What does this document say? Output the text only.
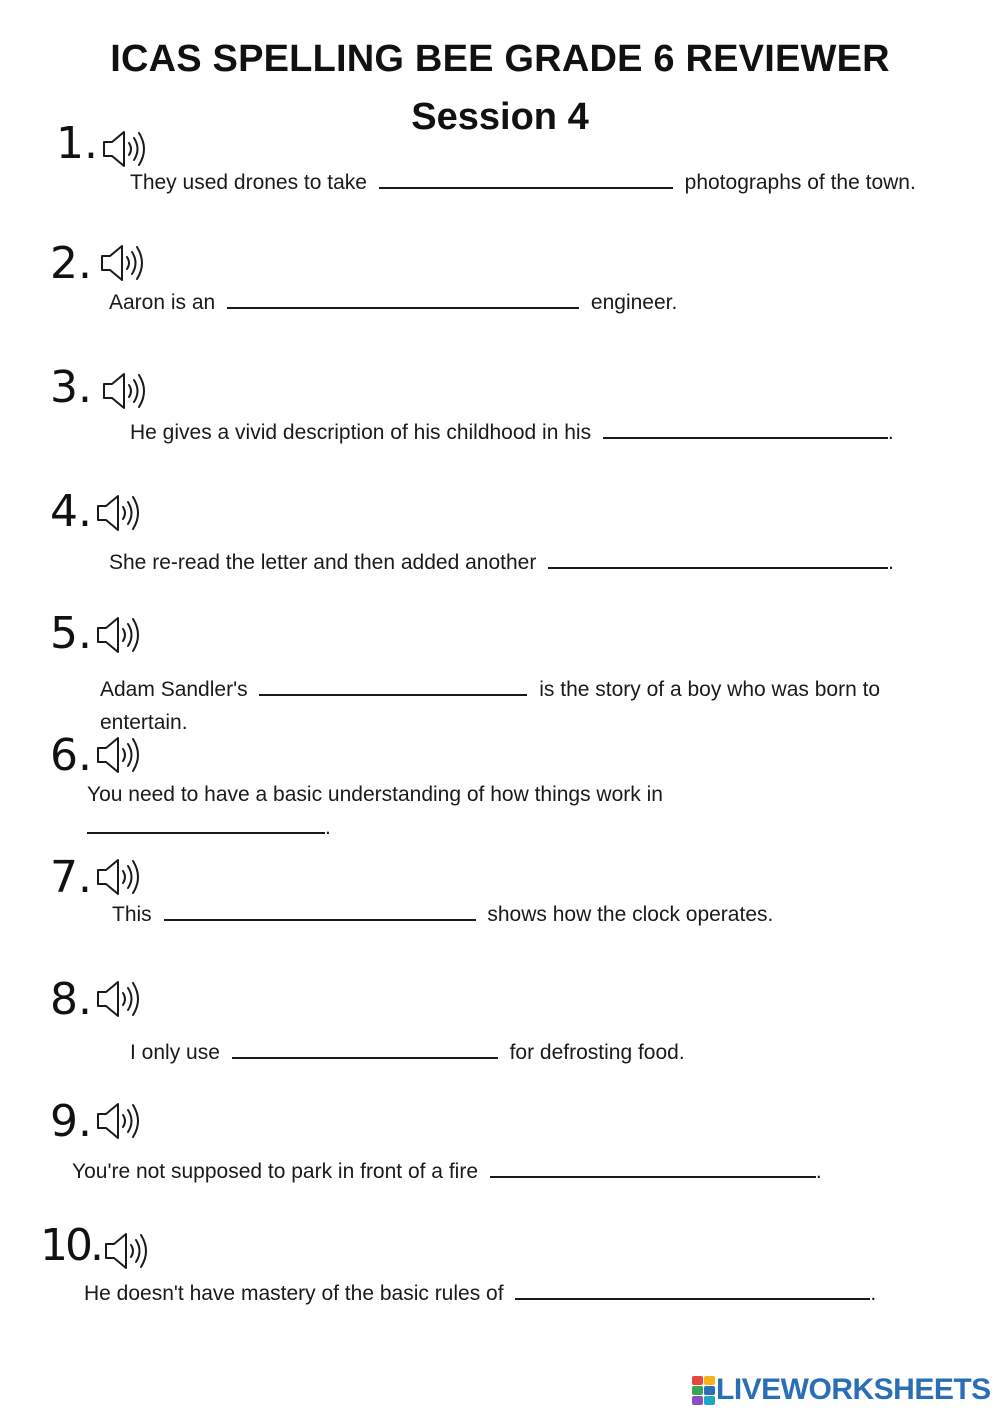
ICAS SPELLING BEE GRADE 6 REVIEWER
Session 4
1.

They used drones to take	photographs of the town.

2.

Aaron is an	engineer.

3.

He gives a vivid description of his childhood in his	.

4.

She re-read the letter and then added another	.

5.

Adam Sandler's	is the story of a boy who was born to entertain.

6.

You need to have a basic understanding of how things work in .

7.

This	shows how the clock operates.

8.

I only use	for defrosting food.

9.

You're not supposed to park in front of a fire	.

10.

He doesn't have mastery of the basic rules of	.

LIVEWORKSHEETS
